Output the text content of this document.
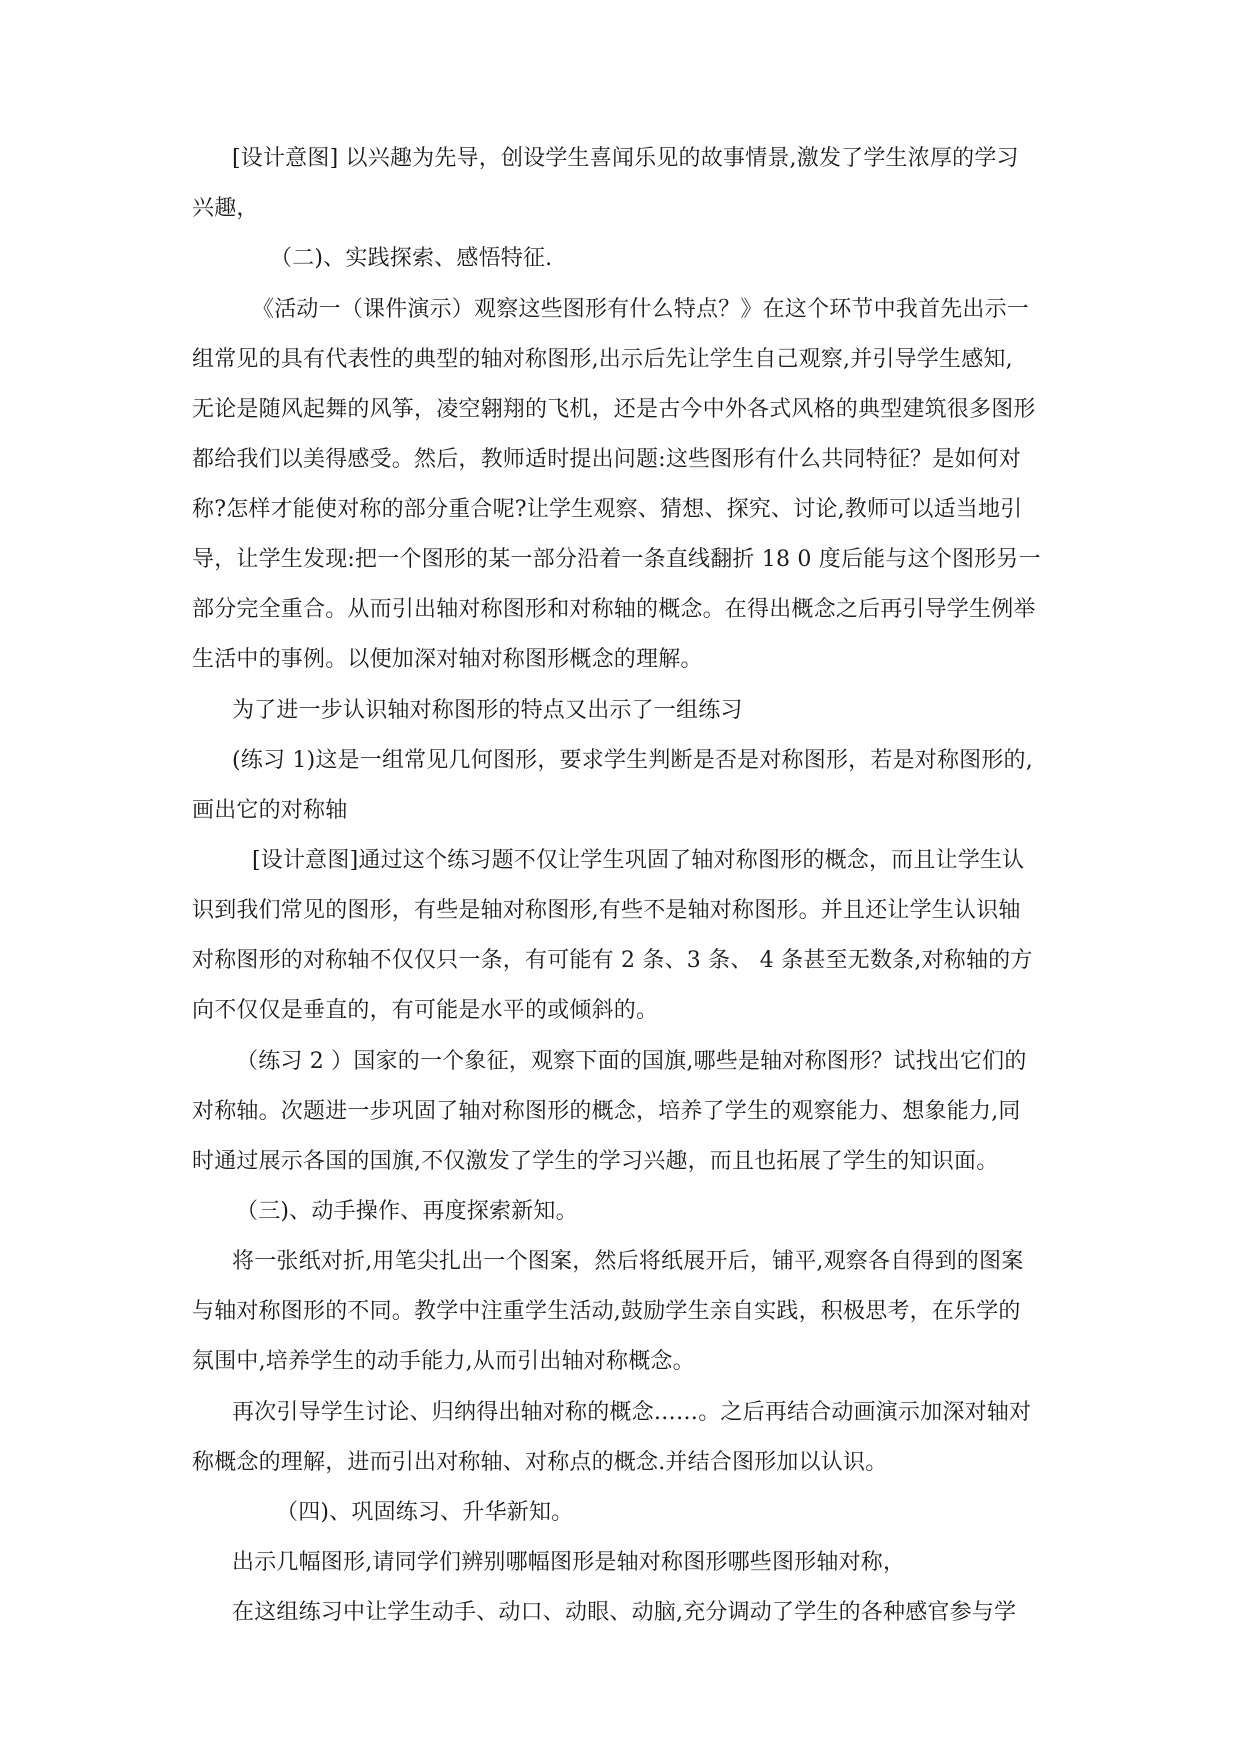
[设计意图] 以兴趣为先导，创设学生喜闻乐见的故事情景,激发了学生浓厚的学习
兴趣，
（二)、实践探索、感悟特征.
《活动一（课件演示）观察这些图形有什么特点？》在这个环节中我首先出示一
组常见的具有代表性的典型的轴对称图形,出示后先让学生自己观察,并引导学生感知,
无论是随风起舞的风筝，凌空翱翔的飞机，还是古今中外各式风格的典型建筑很多图形
都给我们以美得感受。然后，教师适时提出问题:这些图形有什么共同特征？是如何对
称?怎样才能使对称的部分重合呢?让学生观察、猜想、探究、讨论,教师可以适当地引
导，让学生发现:把一个图形的某一部分沿着一条直线翻折 18 0 度后能与这个图形另一
部分完全重合。从而引出轴对称图形和对称轴的概念。在得出概念之后再引导学生例举
生活中的事例。以便加深对轴对称图形概念的理解。
为了进一步认识轴对称图形的特点又出示了一组练习
(练习 1)这是一组常见几何图形，要求学生判断是否是对称图形，若是对称图形的,
画出它的对称轴
[设计意图]通过这个练习题不仅让学生巩固了轴对称图形的概念，而且让学生认
识到我们常见的图形，有些是轴对称图形,有些不是轴对称图形。并且还让学生认识轴
对称图形的对称轴不仅仅只一条，有可能有 2 条、3 条、 4 条甚至无数条,对称轴的方
向不仅仅是垂直的，有可能是水平的或倾斜的。
（练习 2 ）国家的一个象征，观察下面的国旗,哪些是轴对称图形？试找出它们的
对称轴。次题进一步巩固了轴对称图形的概念，培养了学生的观察能力、想象能力,同
时通过展示各国的国旗,不仅激发了学生的学习兴趣，而且也拓展了学生的知识面。
（三)、动手操作、再度探索新知。
将一张纸对折,用笔尖扎出一个图案，然后将纸展开后，铺平,观察各自得到的图案
与轴对称图形的不同。教学中注重学生活动,鼓励学生亲自实践，积极思考，在乐学的
氛围中,培养学生的动手能力,从而引出轴对称概念。
再次引导学生讨论、归纳得出轴对称的概念……。之后再结合动画演示加深对轴对
称概念的理解，进而引出对称轴、对称点的概念.并结合图形加以认识。
（四)、巩固练习、升华新知。
出示几幅图形,请同学们辨别哪幅图形是轴对称图形哪些图形轴对称，
在这组练习中让学生动手、动口、动眼、动脑,充分调动了学生的各种感官参与学
